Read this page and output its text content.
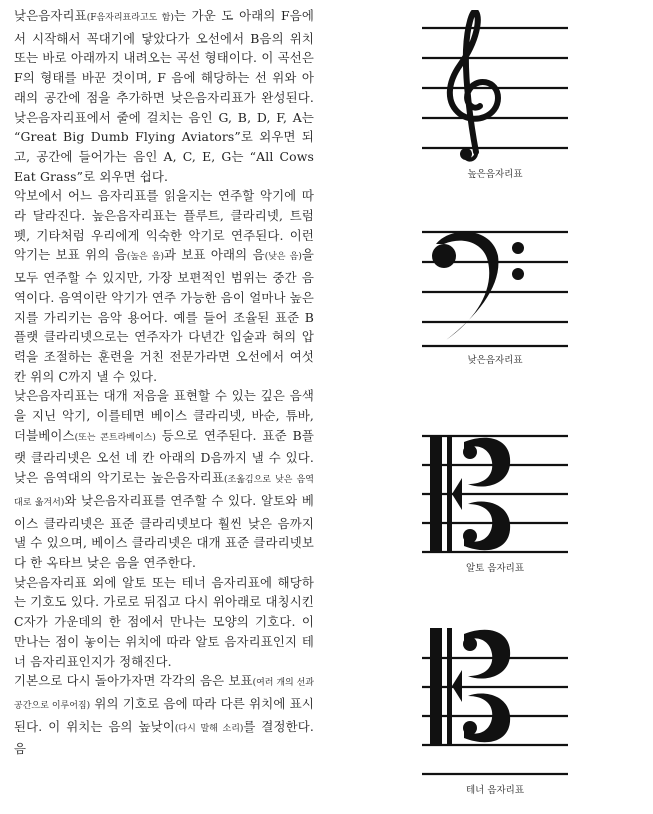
낮은음자리표(F음자리표라고도 함)는 가운 도 아래의 F음에서 시작해서 꼭대기에 닿았다가 오선에서 B음의 위치 또는 바로 아래까지 내려오는 곡선 형태이다. 이 곡선은 F의 형태를 바꾼 것이며, F 음에 해당하는 선 위와 아래의 공간에 점을 추가하면 낮은음자리표가 완성된다. 낮은음자리표에서 줄에 걸치는 음인 G, B, D, F, A는 “Great Big Dumb Flying Aviators”로 외우면 되고, 공간에 들어가는 음인 A, C, E, G는 “All Cows Eat Grass”로 외우면 쉽다.

악보에서 어느 음자리표를 읽을지는 연주할 악기에 따라 달라진다. 높은음자리표는 플루트, 클라리넷, 트럼펫, 기타처럼 우리에게 익숙한 악기로 연주된다. 이런 악기는 보표 위의 음(높은 음)과 보표 아래의 음(낮은 음)을 모두 연주할 수 있지만, 가장 보편적인 범위는 중간 음역이다. 음역이란 악기가 연주 가능한 음이 얼마나 높은지를 가리키는 음악 용어다. 예를 들어 조율된 표준 B플랫 클라리넷으로는 연주자가 다년간 입술과 혀의 압력을 조절하는 훈련을 거친 전문가라면 오선에서 여섯 칸 위의 C까지 낼 수 있다.

낮은음자리표는 대개 저음을 표현할 수 있는 깊은 음색을 지닌 악기, 이를테면 베이스 클라리넷, 바순, 튜바, 더블베이스(또는 콘트라베이스) 등으로 연주된다. 표준 B플랫 클라리넷은 오선 네 칸 아래의 D음까지 낼 수 있다. 낮은 음역대의 악기로는 높은음자리표(조옮김으로 낮은 음역대로 옮겨서)와 낮은음자리표를 연주할 수 있다. 알토와 베이스 클라리넷은 표준 클라리넷보다 훨씬 낮은 음까지 낼 수 있으며, 베이스 클라리넷은 대개 표준 클라리넷보다 한 옥타브 낮은 음을 연주한다.

낮은음자리표 외에 알토 또는 테너 음자리표에 해당하는 기호도 있다. 가로로 뒤집고 다시 위아래로 대칭시킨 C자가 가운데의 한 점에서 만나는 모양의 기호다. 이 만나는 점이 놓이는 위치에 따라 알토 음자리표인지 테너 음자리표인지가 정해진다.

기본으로 다시 돌아가자면 각각의 음은 보표(여러 개의 선과 공간으로 이루어짐) 위의 기호로 음에 따라 다른 위치에 표시된다. 이 위치는 음의 높낮이(다시 말해 소리)를 결정한다. 음

높은음자리표
낮은음자리표
알토 음자리표
테너 음자리표
